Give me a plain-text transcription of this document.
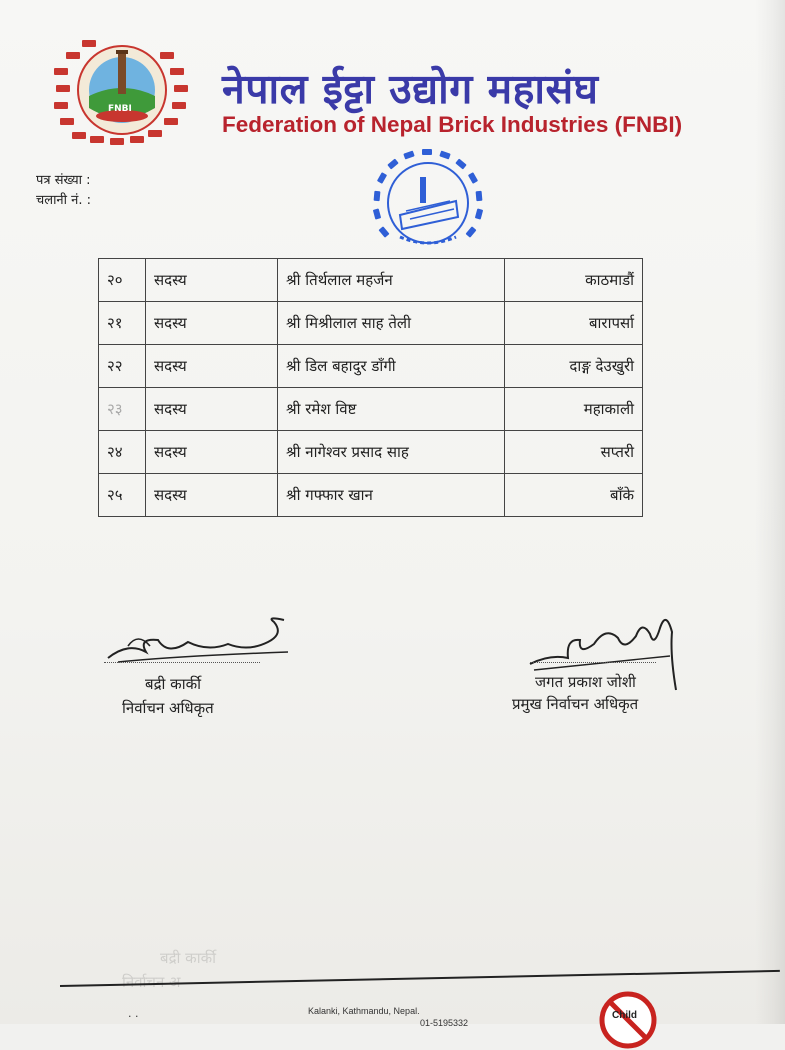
FNBI नेपाल ईट्टा उद्योग महासंघ
Federation of Nepal Brick Industries (FNBI)
पत्र संख्या :
चलानी नं. :
२०	सदस्य	श्री तिर्थलाल महर्जन	काठमाडौं
२१	सदस्य	श्री मिश्रीलाल साह तेली	बारापर्सा
२२	सदस्य	श्री डिल बहादुर डाँगी	दाङ्ग देउखुरी
२३	सदस्य	श्री रमेश विष्ट	महाकाली
२४	सदस्य	श्री नागेश्वर प्रसाद साह	सप्तरी
२५	सदस्य	श्री गफ्फार खान	बाँके
बद्री कार्की
निर्वाचन अधिकृत
जगत प्रकाश जोशी
प्रमुख निर्वाचन अधिकृत
बद्री कार्की
निर्वाचन अ
· ·	Kalanki, Kathmandu, Nepal.
01-5195332
Child
